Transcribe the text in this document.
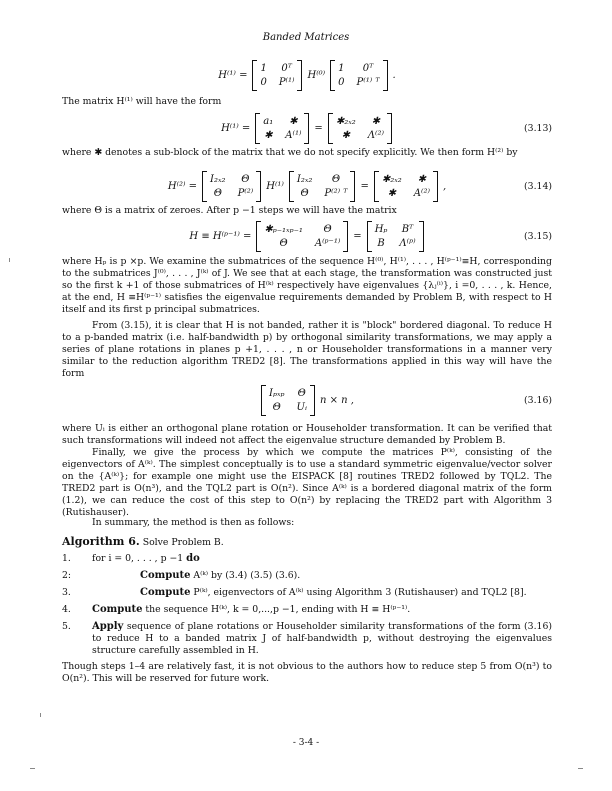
Banded Matrices
H⁽¹⁾ =
1 0ᵀ
0 P⁽¹⁾
H⁽⁰⁾
1	0ᵀ
0 P⁽¹⁾ ᵀ
.
The matrix H⁽¹⁾ will have the form
H⁽¹⁾ =
a₁	✱
✱ A⁽¹⁾
=
✱₂ₓ₂	✱
✱	Λ⁽²⁾
(3.13)
where ✱ denotes a sub-block of the matrix that we do not specify explicitly. We then form H⁽²⁾ by
H⁽²⁾ =
I₂ₓ₂	Θ
Θ	P⁽²⁾
H⁽¹⁾
I₂ₓ₂	Θ
Θ	P⁽²⁾ ᵀ
=
✱₂ₓ₂	✱
✱	A⁽²⁾
,	(3.14)
where Θ is a matrix of zeroes. After p −1 steps we will have the matrix
H ≡ H⁽ᵖ⁻¹⁾ =
✱ₚ₋₁ₓₚ₋₁	Θ
Θ	A⁽ᵖ⁻¹⁾
=
Hₚ Bᵀ
B Λ⁽ᵖ⁾
(3.15)
where Hₚ is p ×p. We examine the submatrices of the sequence H⁽⁰⁾, H⁽¹⁾, . . . , H⁽ᵖ⁻¹⁾≡H, corresponding to the submatrices J⁽⁰⁾, . . . , J⁽ᵏ⁾ of J. We see that at each stage, the transformation was constructed just so the first k +1 of those submatrices of H⁽ᵏ⁾ respectively have eigenvalues {λⱼ⁽ⁱ⁾}, i =0, . . . , k. Hence, at the end, H ≡H⁽ᵖ⁻¹⁾ satisfies the eigenvalue requirements demanded by Problem B, with respect to H itself and its first p principal submatrices.
From (3.15), it is clear that H is not banded, rather it is "block" bordered diagonal. To reduce H to a p-banded matrix (i.e. half-bandwidth p) by orthogonal similarity transformations, we may apply a series of plane rotations in planes p +1, . . . , n or Householder transformations in a manner very similar to the reduction algorithm TRED2 [8]. The transformations applied in this way will have the form
Iₚₓₚ Θ
Θ	Uᵢ
n × n ,	(3.16)
where Uᵢ is either an orthogonal plane rotation or Householder transformation. It can be verified that such transformations will indeed not affect the eigenvalue structure demanded by Problem B.
Finally, we give the process by which we compute the matrices P⁽ᵏ⁾, consisting of the eigenvectors of A⁽ᵏ⁾. The simplest conceptually is to use a standard symmetric eigenvalue/vector solver on the {A⁽ᵏ⁾}; for example one might use the EISPACK [8] routines TRED2 followed by TQL2. The TRED2 part is O(n³), and the TQL2 part is O(n²). Since A⁽ᵏ⁾ is a bordered diagonal matrix of the form (1.2), we can reduce the cost of this step to O(n²) by replacing the TRED2 part with Algorithm 3 (Rutishauser).
In summary, the method is then as follows:
Algorithm 6. Solve Problem B.
1.	for i = 0, . . . , p −1 do
2:	Compute A⁽ᵏ⁾ by (3.4) (3.5) (3.6).
3.	Compute P⁽ᵏ⁾, eigenvectors of A⁽ᵏ⁾ using Algorithm 3 (Rutishauser) and TQL2 [8].
4.	Compute the sequence H⁽ᵏ⁾, k = 0,...,p −1, ending with H ≡ H⁽ᵖ⁻¹⁾.
5.	Apply sequence of plane rotations or Householder similarity transformations of the form (3.16) to reduce H to a banded matrix J of half-bandwidth p, without destroying the eigenvalues structure carefully assembled in H.
Though steps 1–4 are relatively fast, it is not obvious to the authors how to reduce step 5 from O(n³) to O(n²). This will be reserved for future work.
- 3-4 -
